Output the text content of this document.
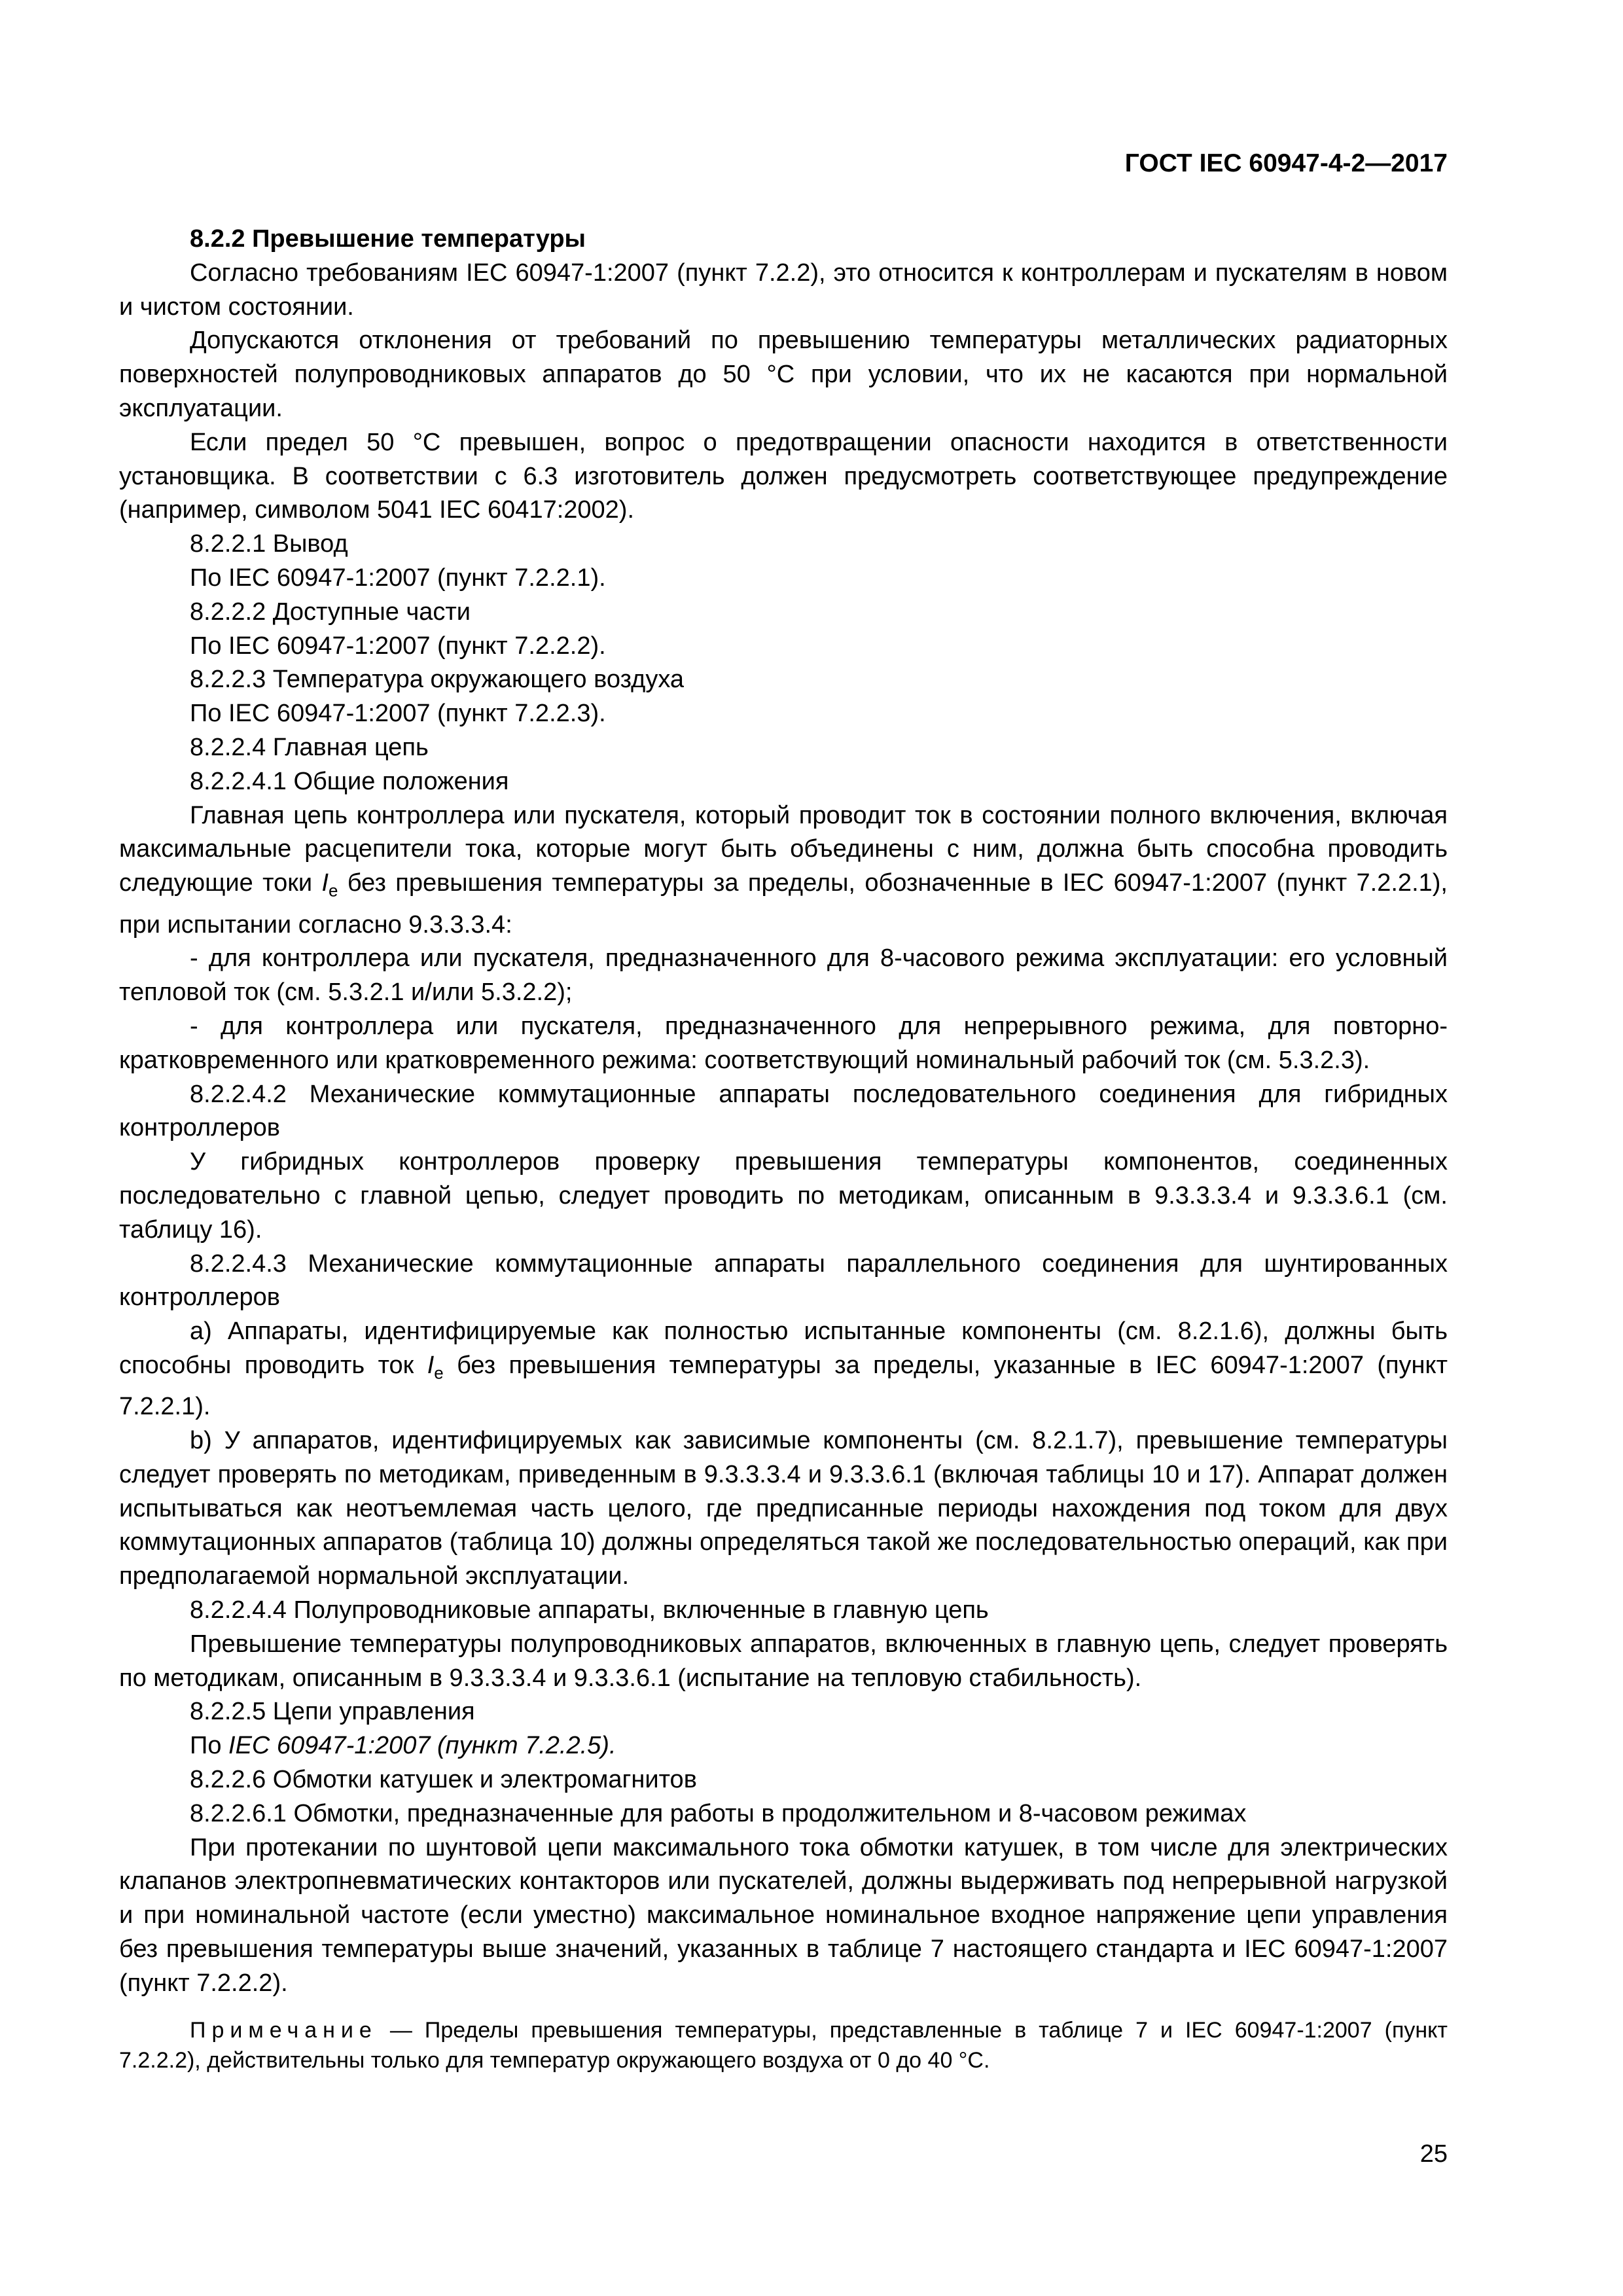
ГОСТ IEC 60947-4-2—2017

8.2.2 Превышение температуры

Согласно требованиям IEC 60947-1:2007 (пункт 7.2.2), это относится к контроллерам и пускателям в новом и чистом состоянии.

Допускаются отклонения от требований по превышению температуры металлических радиаторных поверхностей полупроводниковых аппаратов до 50 °С при условии, что их не касаются при нормальной эксплуатации.

Если предел 50 °С превышен, вопрос о предотвращении опасности находится в ответственности установщика. В соответствии с 6.3 изготовитель должен предусмотреть соответствующее предупреждение (например, символом 5041 IEC 60417:2002).

8.2.2.1 Вывод

По IEC 60947-1:2007 (пункт 7.2.2.1).

8.2.2.2 Доступные части

По IEC 60947-1:2007 (пункт 7.2.2.2).

8.2.2.3 Температура окружающего воздуха

По IEC 60947-1:2007 (пункт 7.2.2.3).

8.2.2.4 Главная цепь

8.2.2.4.1 Общие положения

Главная цепь контроллера или пускателя, который проводит ток в состоянии полного включения, включая максимальные расцепители тока, которые могут быть объединены с ним, должна быть способна проводить следующие токи $I_e$ без превышения температуры за пределы, обозначенные в IEC 60947-1:2007 (пункт 7.2.2.1), при испытании согласно 9.3.3.3.4:

- для контроллера или пускателя, предназначенного для 8-часового режима эксплуатации: его условный тепловой ток (см. 5.3.2.1 и/или 5.3.2.2);

- для контроллера или пускателя, предназначенного для непрерывного режима, для повторно-кратковременного или кратковременного режима: соответствующий номинальный рабочий ток (см. 5.3.2.3).

8.2.2.4.2 Механические коммутационные аппараты последовательного соединения для гибридных контроллеров

У гибридных контроллеров проверку превышения температуры компонентов, соединенных последовательно с главной цепью, следует проводить по методикам, описанным в 9.3.3.3.4 и 9.3.3.6.1 (см. таблицу 16).

8.2.2.4.3 Механические коммутационные аппараты параллельного соединения для шунтированных контроллеров

а) Аппараты, идентифицируемые как полностью испытанные компоненты (см. 8.2.1.6), должны быть способны проводить ток $I_e$ без превышения температуры за пределы, указанные в IEC 60947-1:2007 (пункт 7.2.2.1).

b) У аппаратов, идентифицируемых как зависимые компоненты (см. 8.2.1.7), превышение температуры следует проверять по методикам, приведенным в 9.3.3.3.4 и 9.3.3.6.1 (включая таблицы 10 и 17). Аппарат должен испытываться как неотъемлемая часть целого, где предписанные периоды нахождения под током для двух коммутационных аппаратов (таблица 10) должны определяться такой же последовательностью операций, как при предполагаемой нормальной эксплуатации.

8.2.2.4.4 Полупроводниковые аппараты, включенные в главную цепь

Превышение температуры полупроводниковых аппаратов, включенных в главную цепь, следует проверять по методикам, описанным в 9.3.3.3.4 и 9.3.3.6.1 (испытание на тепловую стабильность).

8.2.2.5 Цепи управления

По IEC 60947-1:2007 (пункт 7.2.2.5).

8.2.2.6 Обмотки катушек и электромагнитов

8.2.2.6.1 Обмотки, предназначенные для работы в продолжительном и 8-часовом режимах

При протекании по шунтовой цепи максимального тока обмотки катушек, в том числе для электрических клапанов электропневматических контакторов или пускателей, должны выдерживать под непрерывной нагрузкой и при номинальной частоте (если уместно) максимальное номинальное входное напряжение цепи управления без превышения температуры выше значений, указанных в таблице 7 настоящего стандарта и IEC 60947-1:2007 (пункт 7.2.2.2).

Примечание — Пределы превышения температуры, представленные в таблице 7 и IEC 60947-1:2007 (пункт 7.2.2.2), действительны только для температур окружающего воздуха от 0 до 40 °С.

25
